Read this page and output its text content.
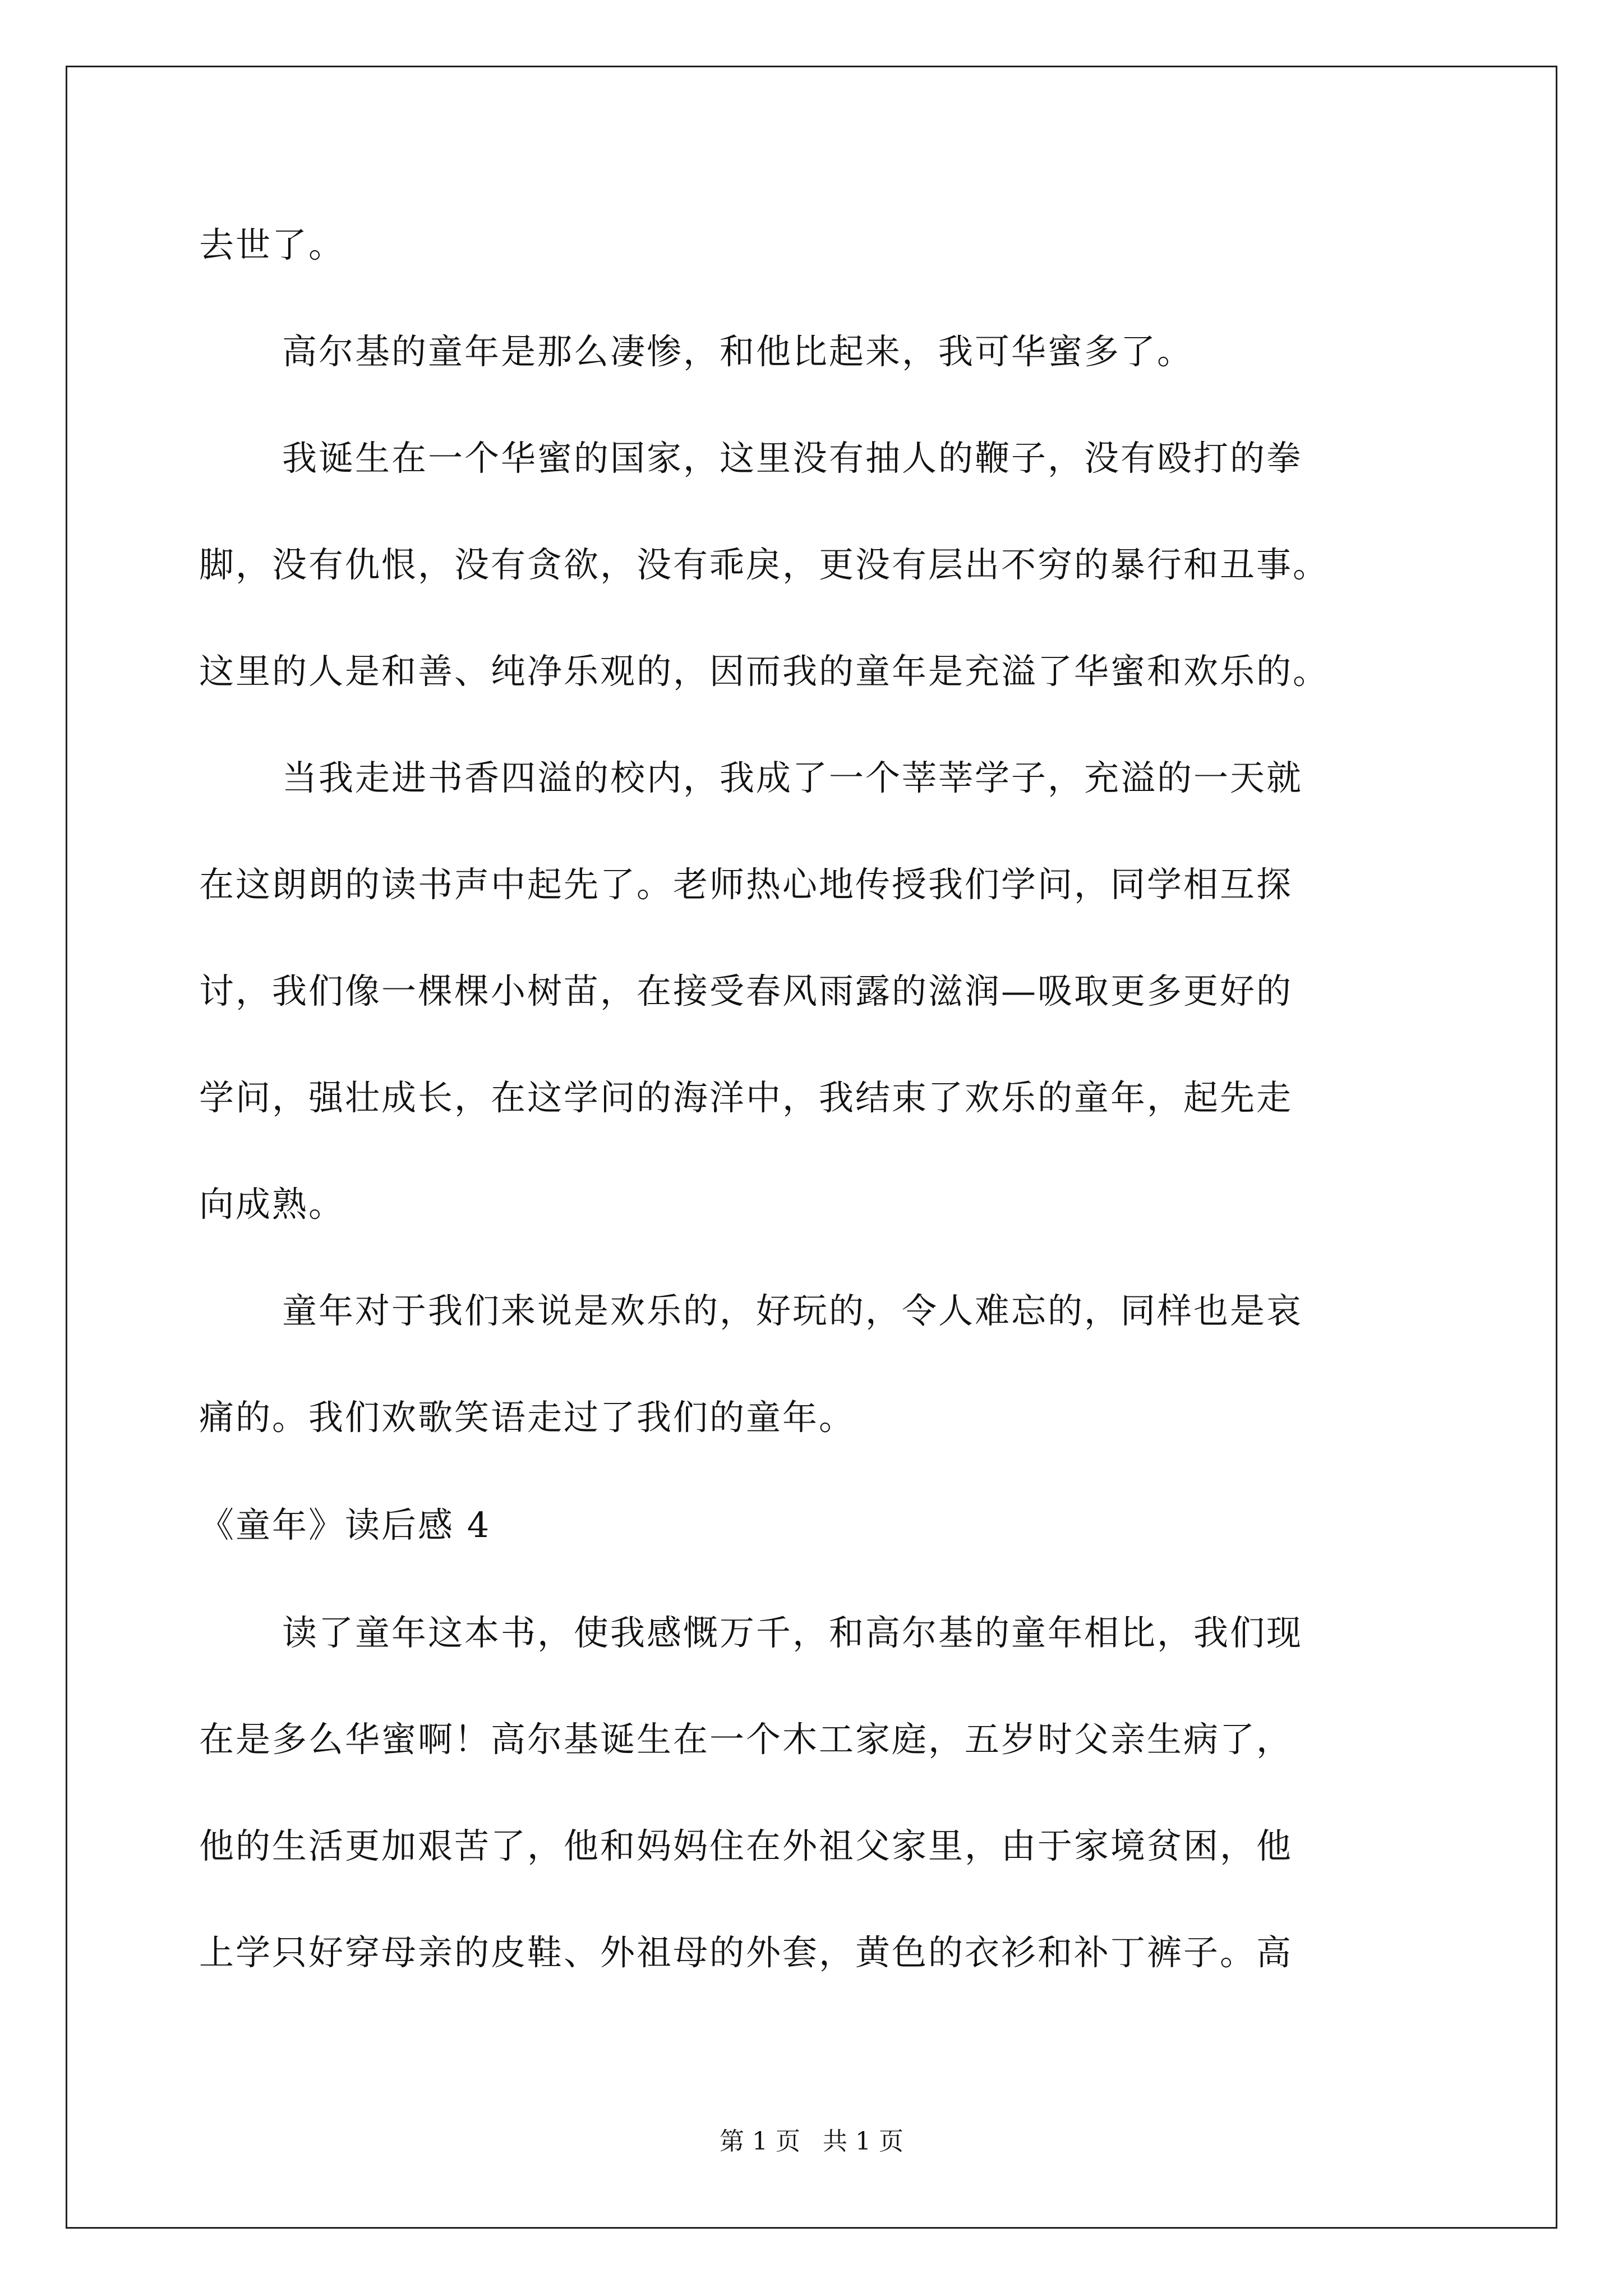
去世了。
高尔基的童年是那么凄惨，和他比起来，我可华蜜多了。
我诞生在一个华蜜的国家，这里没有抽人的鞭子，没有殴打的拳
脚，没有仇恨，没有贪欲，没有乖戾，更没有层出不穷的暴行和丑事。
这里的人是和善、纯净乐观的，因而我的童年是充溢了华蜜和欢乐的。
当我走进书香四溢的校内，我成了一个莘莘学子，充溢的一天就
在这朗朗的读书声中起先了。老师热心地传授我们学问，同学相互探
讨，我们像一棵棵小树苗，在接受春风雨露的滋润—吸取更多更好的
学问，强壮成长，在这学问的海洋中，我结束了欢乐的童年，起先走
向成熟。
童年对于我们来说是欢乐的，好玩的，令人难忘的，同样也是哀
痛的。我们欢歌笑语走过了我们的童年。
《童年》读后感 4
读了童年这本书，使我感慨万千，和高尔基的童年相比，我们现
在是多么华蜜啊！高尔基诞生在一个木工家庭，五岁时父亲生病了，
他的生活更加艰苦了，他和妈妈住在外祖父家里，由于家境贫困，他
上学只好穿母亲的皮鞋、外祖母的外套，黄色的衣衫和补丁裤子。高
第 1 页 共 1 页
